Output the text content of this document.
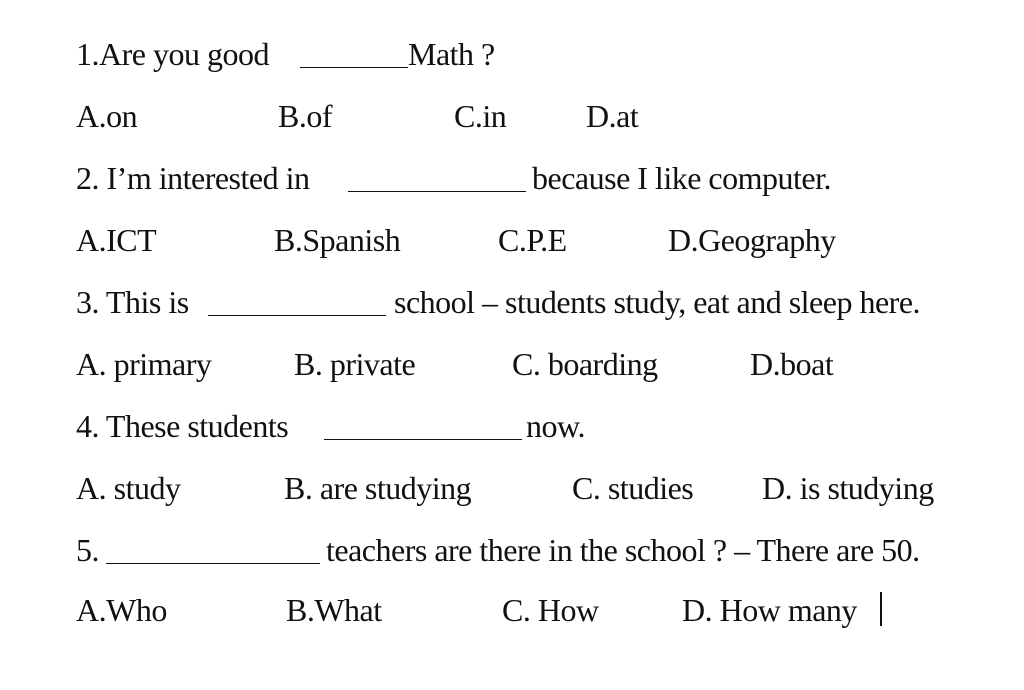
1.Are you good	Math ?
A.on	B.of	C.in D.at
2. I’m interested in	because I like computer.
A.ICT	B.Spanish	C.P.E	D.Geography
3. This is	school – students study, eat and sleep here.
A. primary	B. private	C. boarding	D.boat
4. These students	now.
A. study	B. are studying	C. studies D. is studying
5.	teachers are there in the school ? – There are 50.
A.Who	B.What	C. How	D. How many
